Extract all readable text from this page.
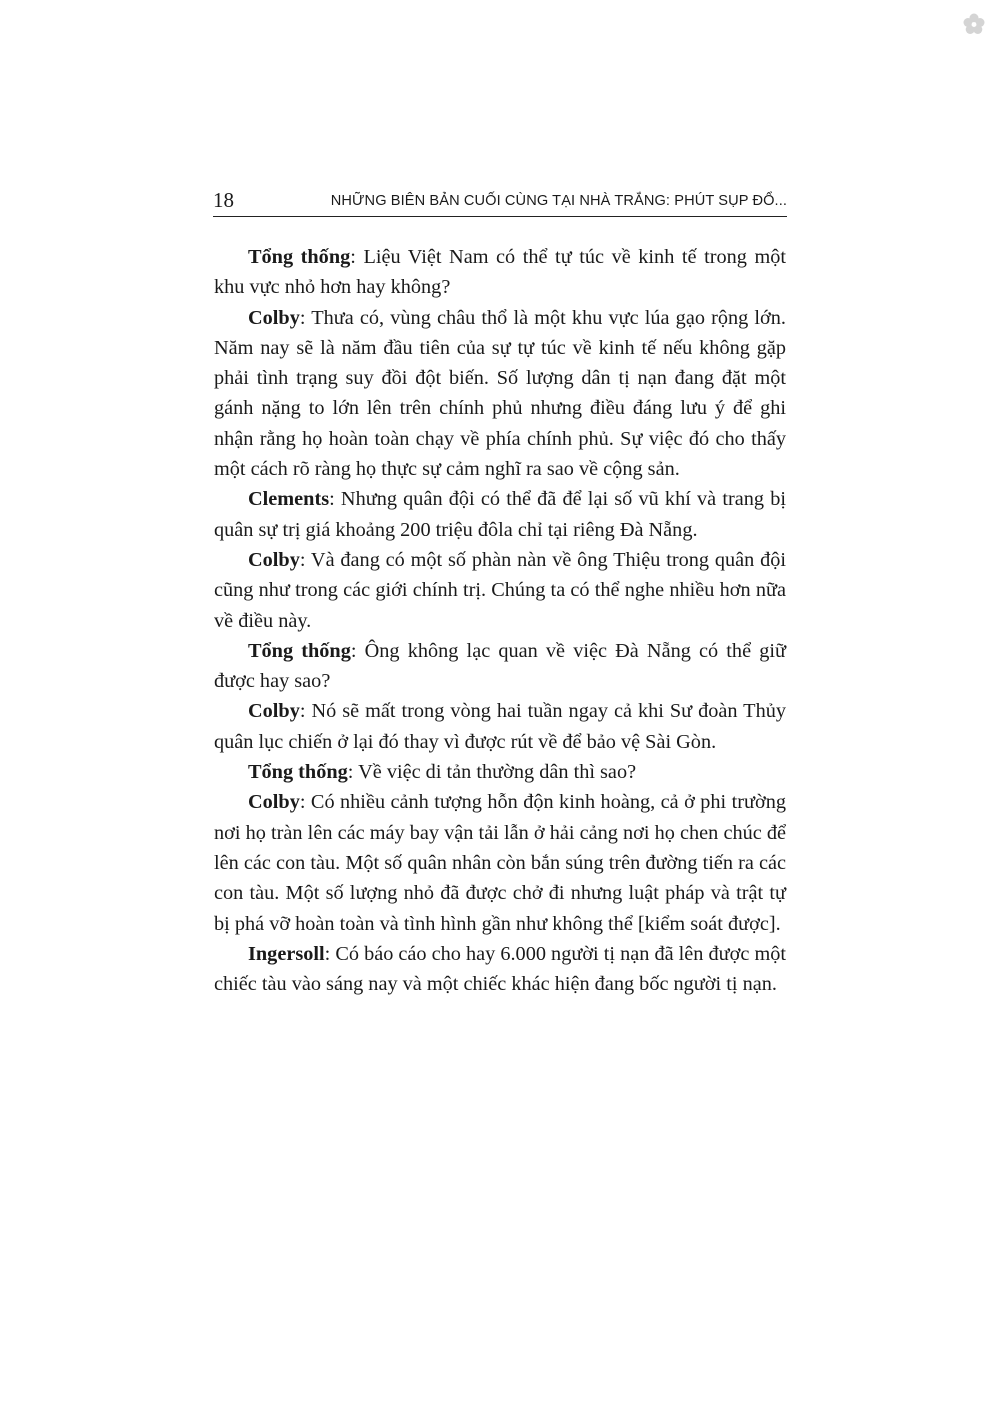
18	NHỮNG BIÊN BẢN CUỐI CÙNG TẠI NHÀ TRẮNG: PHÚT SỤP ĐỔ...

Tổng thống: Liệu Việt Nam có thể tự túc về kinh tế trong một khu vực nhỏ hơn hay không?

Colby: Thưa có, vùng châu thổ là một khu vực lúa gạo rộng lớn. Năm nay sẽ là năm đầu tiên của sự tự túc về kinh tế nếu không gặp phải tình trạng suy đồi đột biến. Số lượng dân tị nạn đang đặt một gánh nặng to lớn lên trên chính phủ nhưng điều đáng lưu ý để ghi nhận rằng họ hoàn toàn chạy về phía chính phủ. Sự việc đó cho thấy một cách rõ ràng họ thực sự cảm nghĩ ra sao về cộng sản.

Clements: Nhưng quân đội có thể đã để lại số vũ khí và trang bị quân sự trị giá khoảng 200 triệu đôla chỉ tại riêng Đà Nẵng.

Colby: Và đang có một số phàn nàn về ông Thiệu trong quân đội cũng như trong các giới chính trị. Chúng ta có thể nghe nhiều hơn nữa về điều này.

Tổng thống: Ông không lạc quan về việc Đà Nẵng có thể giữ được hay sao?

Colby: Nó sẽ mất trong vòng hai tuần ngay cả khi Sư đoàn Thủy quân lục chiến ở lại đó thay vì được rút về để bảo vệ Sài Gòn.

Tổng thống: Về việc di tản thường dân thì sao?

Colby: Có nhiều cảnh tượng hỗn độn kinh hoàng, cả ở phi trường nơi họ tràn lên các máy bay vận tải lẫn ở hải cảng nơi họ chen chúc để lên các con tàu. Một số quân nhân còn bắn súng trên đường tiến ra các con tàu. Một số lượng nhỏ đã được chở đi nhưng luật pháp và trật tự bị phá vỡ hoàn toàn và tình hình gần như không thể [kiểm soát được].

Ingersoll: Có báo cáo cho hay 6.000 người tị nạn đã lên được một chiếc tàu vào sáng nay và một chiếc khác hiện đang bốc người tị nạn.
